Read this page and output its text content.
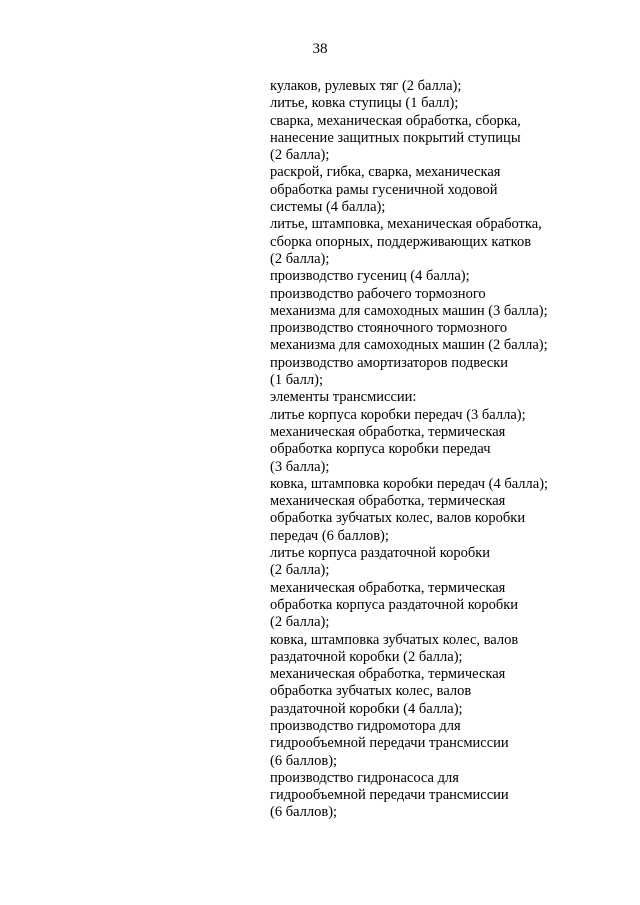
38
кулаков, рулевых тяг (2 балла);
литье, ковка ступицы (1 балл);
сварка, механическая обработка, сборка,
нанесение защитных покрытий ступицы
(2 балла);
раскрой, гибка, сварка, механическая
обработка рамы гусеничной ходовой
системы (4 балла);
литье, штамповка, механическая обработка,
сборка опорных, поддерживающих катков
(2 балла);
производство гусениц (4 балла);
производство рабочего тормозного
механизма для самоходных машин (3 балла);
производство стояночного тормозного
механизма для самоходных машин (2 балла);
производство амортизаторов подвески
(1 балл);
элементы трансмиссии:
литье корпуса коробки передач (3 балла);
механическая обработка, термическая
обработка корпуса коробки передач
(3 балла);
ковка, штамповка коробки передач (4 балла);
механическая обработка, термическая
обработка зубчатых колес, валов коробки
передач (6 баллов);
литье корпуса раздаточной коробки
(2 балла);
механическая обработка, термическая
обработка корпуса раздаточной коробки
(2 балла);
ковка, штамповка зубчатых колес, валов
раздаточной коробки (2 балла);
механическая обработка, термическая
обработка зубчатых колес, валов
раздаточной коробки (4 балла);
производство гидромотора для
гидрообъемной передачи трансмиссии
(6 баллов);
производство гидронасоса для
гидрообъемной передачи трансмиссии
(6 баллов);
